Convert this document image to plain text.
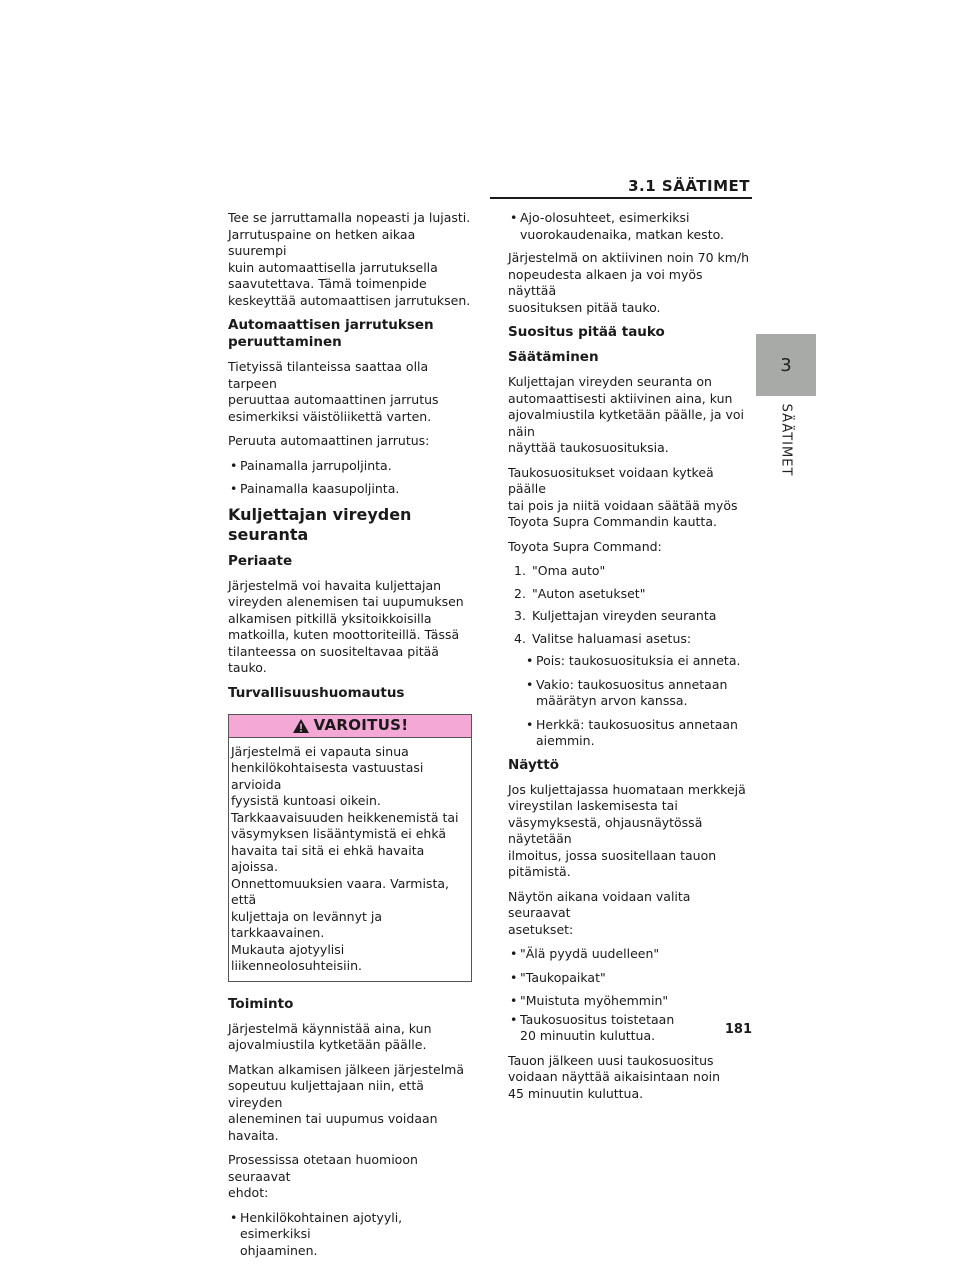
3.1 SÄÄTIMET
3
SÄÄTIMET

Tee se jarruttamalla nopeasti ja lujasti.
Jarrutuspaine on hetken aikaa suurempi
kuin automaattisella jarrutuksella
saavutettava. Tämä toimenpide
keskeyttää automaattisen jarrutuksen.

Automaattisen jarrutuksen
peruuttaminen

Tietyissä tilanteissa saattaa olla tarpeen
peruuttaa automaattinen jarrutus
esimerkiksi väistöliikettä varten.

Peruuta automaattinen jarrutus:

• Painamalla jarrupoljinta.
• Painamalla kaasupoljinta.
Kuljettajan vireyden seuranta
Periaate

Järjestelmä voi havaita kuljettajan
vireyden alenemisen tai uupumuksen
alkamisen pitkillä yksitoikkoisilla
matkoilla, kuten moottoriteillä. Tässä
tilanteessa on suositeltavaa pitää tauko.

Turvallisuushuomautus
VAROITUS!
Järjestelmä ei vapauta sinua
henkilökohtaisesta vastuustasi arvioida
fyysistä kuntoasi oikein.
Tarkkaavaisuuden heikkenemistä tai
väsymyksen lisääntymistä ei ehkä
havaita tai sitä ei ehkä havaita ajoissa.
Onnettomuuksien vaara. Varmista, että
kuljettaja on levännyt ja tarkkaavainen.
Mukauta ajotyylisi
liikenneolosuhteisiin.
Toiminto

Järjestelmä käynnistää aina, kun
ajovalmiustila kytketään päälle.

Matkan alkamisen jälkeen järjestelmä
sopeutuu kuljettajaan niin, että vireyden
aleneminen tai uupumus voidaan havaita.

Prosessissa otetaan huomioon seuraavat
ehdot:

• Henkilökohtainen ajotyyli, esimerkiksi
ohjaaminen.
• Ajo-olosuhteet, esimerkiksi
vuorokaudenaika, matkan kesto.

Järjestelmä on aktiivinen noin 70 km/h
nopeudesta alkaen ja voi myös näyttää
suosituksen pitää tauko.

Suositus pitää tauko
Säätäminen

Kuljettajan vireyden seuranta on
automaattisesti aktiivinen aina, kun
ajovalmiustila kytketään päälle, ja voi näin
näyttää taukosuosituksia.

Taukosuositukset voidaan kytkeä päälle
tai pois ja niitä voidaan säätää myös
Toyota Supra Commandin kautta.

Toyota Supra Command:

1. "Oma auto"
2. "Auton asetukset"
3. Kuljettajan vireyden seuranta
4. Valitse haluamasi asetus:
• Pois: taukosuosituksia ei anneta.
• Vakio: taukosuositus annetaan
määrätyn arvon kanssa.
• Herkkä: taukosuositus annetaan
aiemmin.
Näyttö

Jos kuljettajassa huomataan merkkejä
vireystilan laskemisesta tai
väsymyksestä, ohjausnäytössä näytetään
ilmoitus, jossa suositellaan tauon
pitämistä.

Näytön aikana voidaan valita seuraavat
asetukset:

• "Älä pyydä uudelleen"
• "Taukopaikat"
• "Muistuta myöhemmin"
• Taukosuositus toistetaan
20 minuutin kuluttua.

Tauon jälkeen uusi taukosuositus
voidaan näyttää aikaisintaan noin
45 minuutin kuluttua.

181
